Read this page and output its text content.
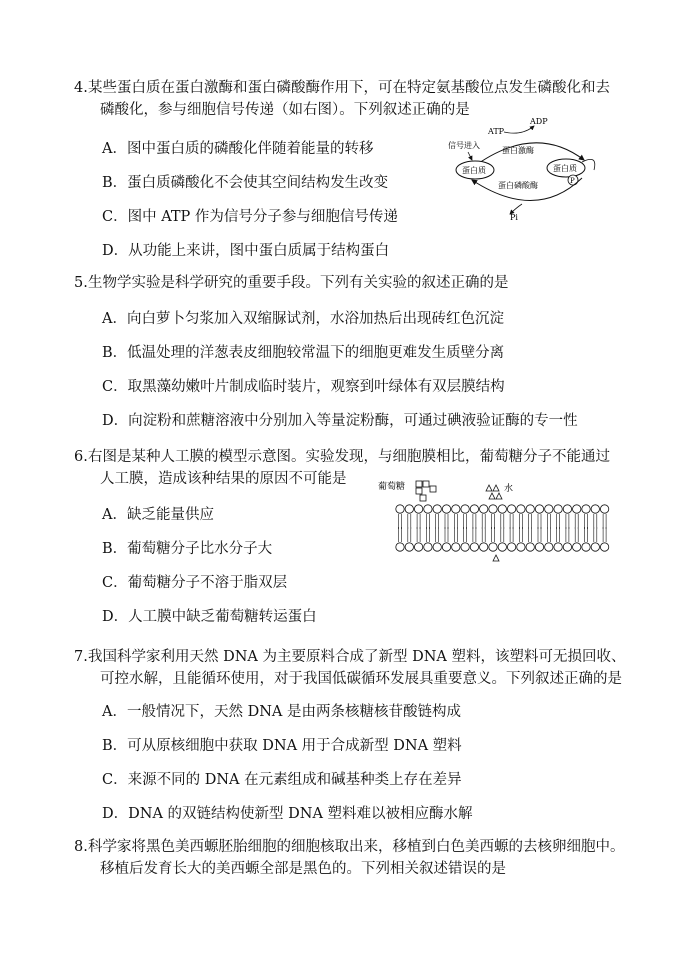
4. 某些蛋白质在蛋白激酶和蛋白磷酸酶作用下，可在特定氨基酸位点发生磷酸化和去
磷酸化，参与细胞信号传递（如右图）。下列叙述正确的是
A．图中蛋白质的磷酸化伴随着能量的转移
B．蛋白质磷酸化不会使其空间结构发生改变
C．图中 ATP 作为信号分子参与细胞信号传递
D．从功能上来讲，图中蛋白质属于结构蛋白
ATP
ADP
信号进入
蛋白激酶
蛋白质	蛋白质
P
蛋白磷酸酶
Pi
5. 生物学实验是科学研究的重要手段。下列有关实验的叙述正确的是
A．向白萝卜匀浆加入双缩脲试剂，水浴加热后出现砖红色沉淀
B．低温处理的洋葱表皮细胞较常温下的细胞更难发生质壁分离
C．取黑藻幼嫩叶片制成临时装片，观察到叶绿体有双层膜结构
D．向淀粉和蔗糖溶液中分别加入等量淀粉酶，可通过碘液验证酶的专一性
6. 右图是某种人工膜的模型示意图。实验发现，与细胞膜相比，葡萄糖分子不能通过
人工膜，造成该种结果的原因不可能是
A．缺乏能量供应
B．葡萄糖分子比水分子大
C．葡萄糖分子不溶于脂双层
D．人工膜中缺乏葡萄糖转运蛋白
葡萄糖	水
7. 我国科学家利用天然 DNA 为主要原料合成了新型 DNA 塑料，该塑料可无损回收、
可控水解，且能循环使用，对于我国低碳循环发展具重要意义。下列叙述正确的是
A．一般情况下，天然 DNA 是由两条核糖核苷酸链构成
B．可从原核细胞中获取 DNA 用于合成新型 DNA 塑料
C．来源不同的 DNA 在元素组成和碱基种类上存在差异
D．DNA 的双链结构使新型 DNA 塑料难以被相应酶水解
8. 科学家将黑色美西螈胚胎细胞的细胞核取出来，移植到白色美西螈的去核卵细胞中。
移植后发育长大的美西螈全部是黑色的。下列相关叙述错误的是
